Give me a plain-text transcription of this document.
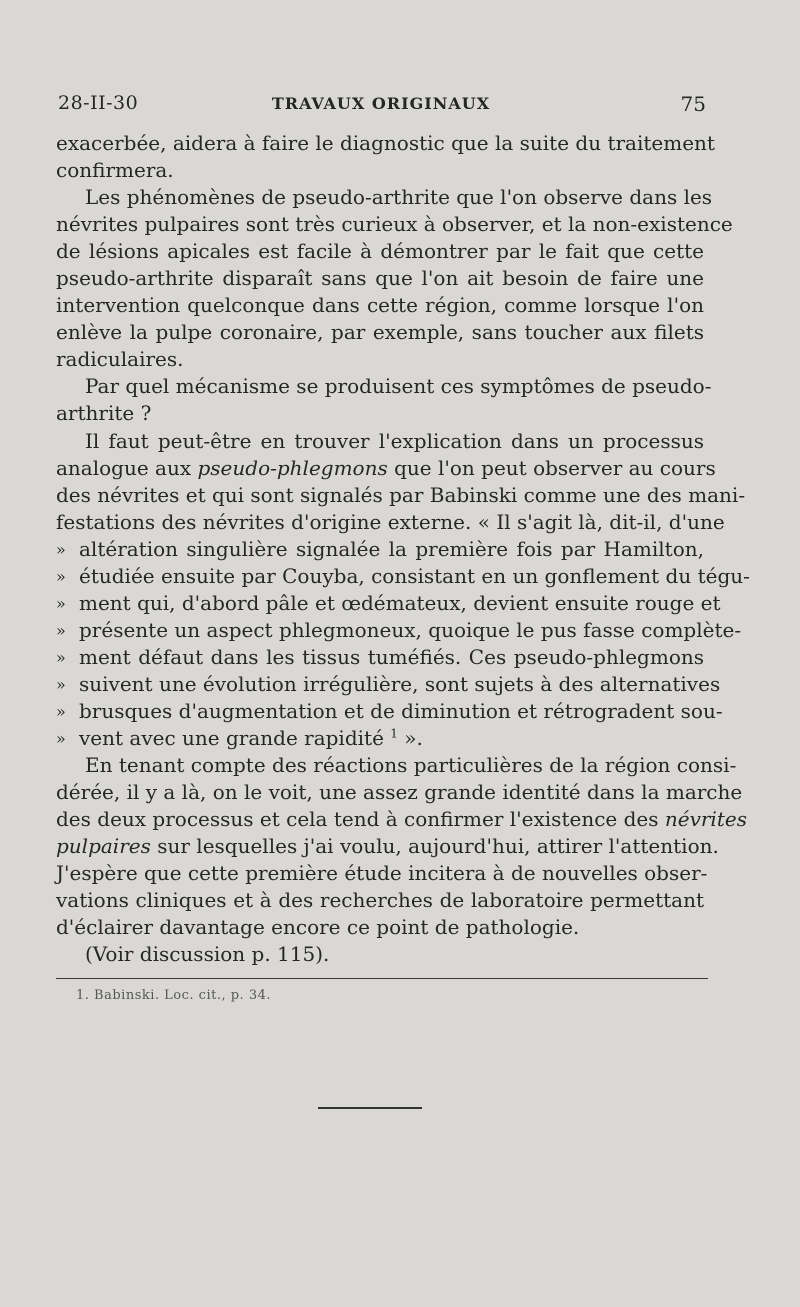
28-II-30	TRAVAUX ORIGINAUX	75
exacerbée, aidera à faire le diagnostic que la suite du traitement
confirmera.
Les phénomènes de pseudo-arthrite que l'on observe dans les
névrites pulpaires sont très curieux à observer, et la non-existence
de lésions apicales est facile à démontrer par le fait que cette
pseudo-arthrite disparaît sans que l'on ait besoin de faire une
intervention quelconque dans cette région, comme lorsque l'on
enlève la pulpe coronaire, par exemple, sans toucher aux filets
radiculaires.
Par quel mécanisme se produisent ces symptômes de pseudo-
arthrite ?
Il faut peut-être en trouver l'explication dans un processus
analogue aux pseudo-phlegmons que l'on peut observer au cours
des névrites et qui sont signalés par Babinski comme une des mani-
festations des névrites d'origine externe. « Il s'agit là, dit-il, d'une
» altération singulière signalée la première fois par Hamilton,
» étudiée ensuite par Couyba, consistant en un gonflement du tégu-
» ment qui, d'abord pâle et œdémateux, devient ensuite rouge et
» présente un aspect phlegmoneux, quoique le pus fasse complète-
» ment défaut dans les tissus tuméfiés. Ces pseudo-phlegmons
» suivent une évolution irrégulière, sont sujets à des alternatives
» brusques d'augmentation et de diminution et rétrogradent sou-
» vent avec une grande rapidité $^1$ ».
En tenant compte des réactions particulières de la région consi-
dérée, il y a là, on le voit, une assez grande identité dans la marche
des deux processus et cela tend à confirmer l'existence des névrites
pulpaires sur lesquelles j'ai voulu, aujourd'hui, attirer l'attention.
J'espère que cette première étude incitera à de nouvelles obser-
vations cliniques et à des recherches de laboratoire permettant
d'éclairer davantage encore ce point de pathologie.
(Voir discussion p. 115).
1. Babinski. Loc. cit., p. 34.
